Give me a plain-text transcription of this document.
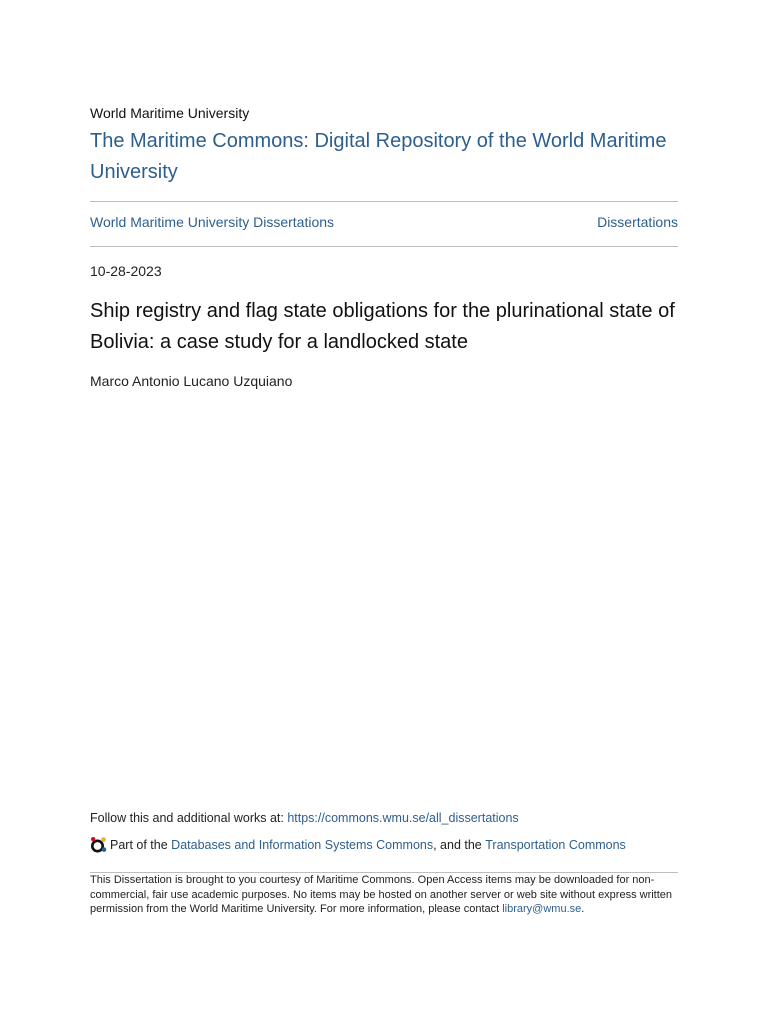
World Maritime University
The Maritime Commons: Digital Repository of the World Maritime University
World Maritime University Dissertations	Dissertations
10-28-2023
Ship registry and flag state obligations for the plurinational state of Bolivia: a case study for a landlocked state
Marco Antonio Lucano Uzquiano
Follow this and additional works at: https://commons.wmu.se/all_dissertations
Part of the
Databases and Information Systems Commons , and the
Transportation Commons
This Dissertation is brought to you courtesy of Maritime Commons. Open Access items may be downloaded for non-commercial, fair use academic purposes. No items may be hosted on another server or web site without express written permission from the World Maritime University. For more information, please contact library@wmu.se.
